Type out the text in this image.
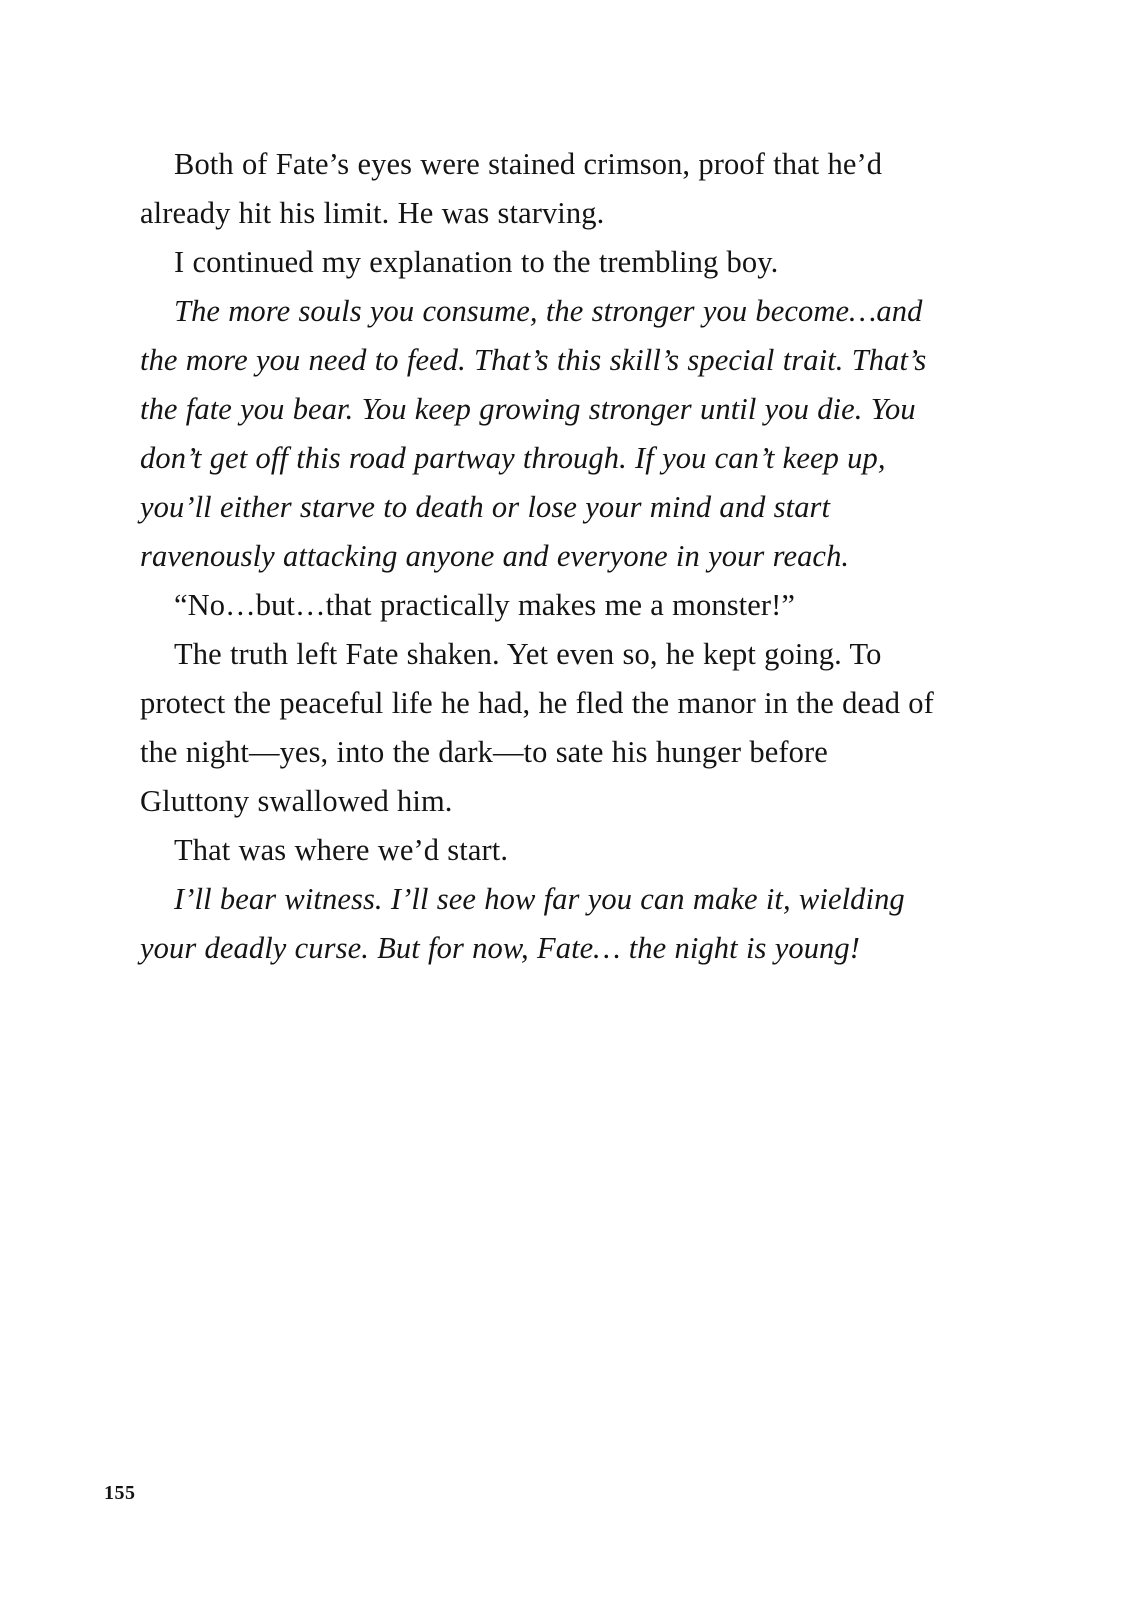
Both of Fate’s eyes were stained crimson, proof that he’d already hit his limit. He was starving.

I continued my explanation to the trembling boy.

The more souls you consume, the stronger you become…and the more you need to feed. That’s this skill’s special trait. That’s the fate you bear. You keep growing stronger until you die. You don’t get off this road partway through. If you can’t keep up, you’ll either starve to death or lose your mind and start ravenously attacking anyone and everyone in your reach.

“No…but…that practically makes me a monster!”

The truth left Fate shaken. Yet even so, he kept going. To protect the peaceful life he had, he fled the manor in the dead of the night—yes, into the dark—to sate his hunger before Gluttony swallowed him.

That was where we’d start.

I’ll bear witness. I’ll see how far you can make it, wielding your deadly curse. But for now, Fate… the night is young!

155
